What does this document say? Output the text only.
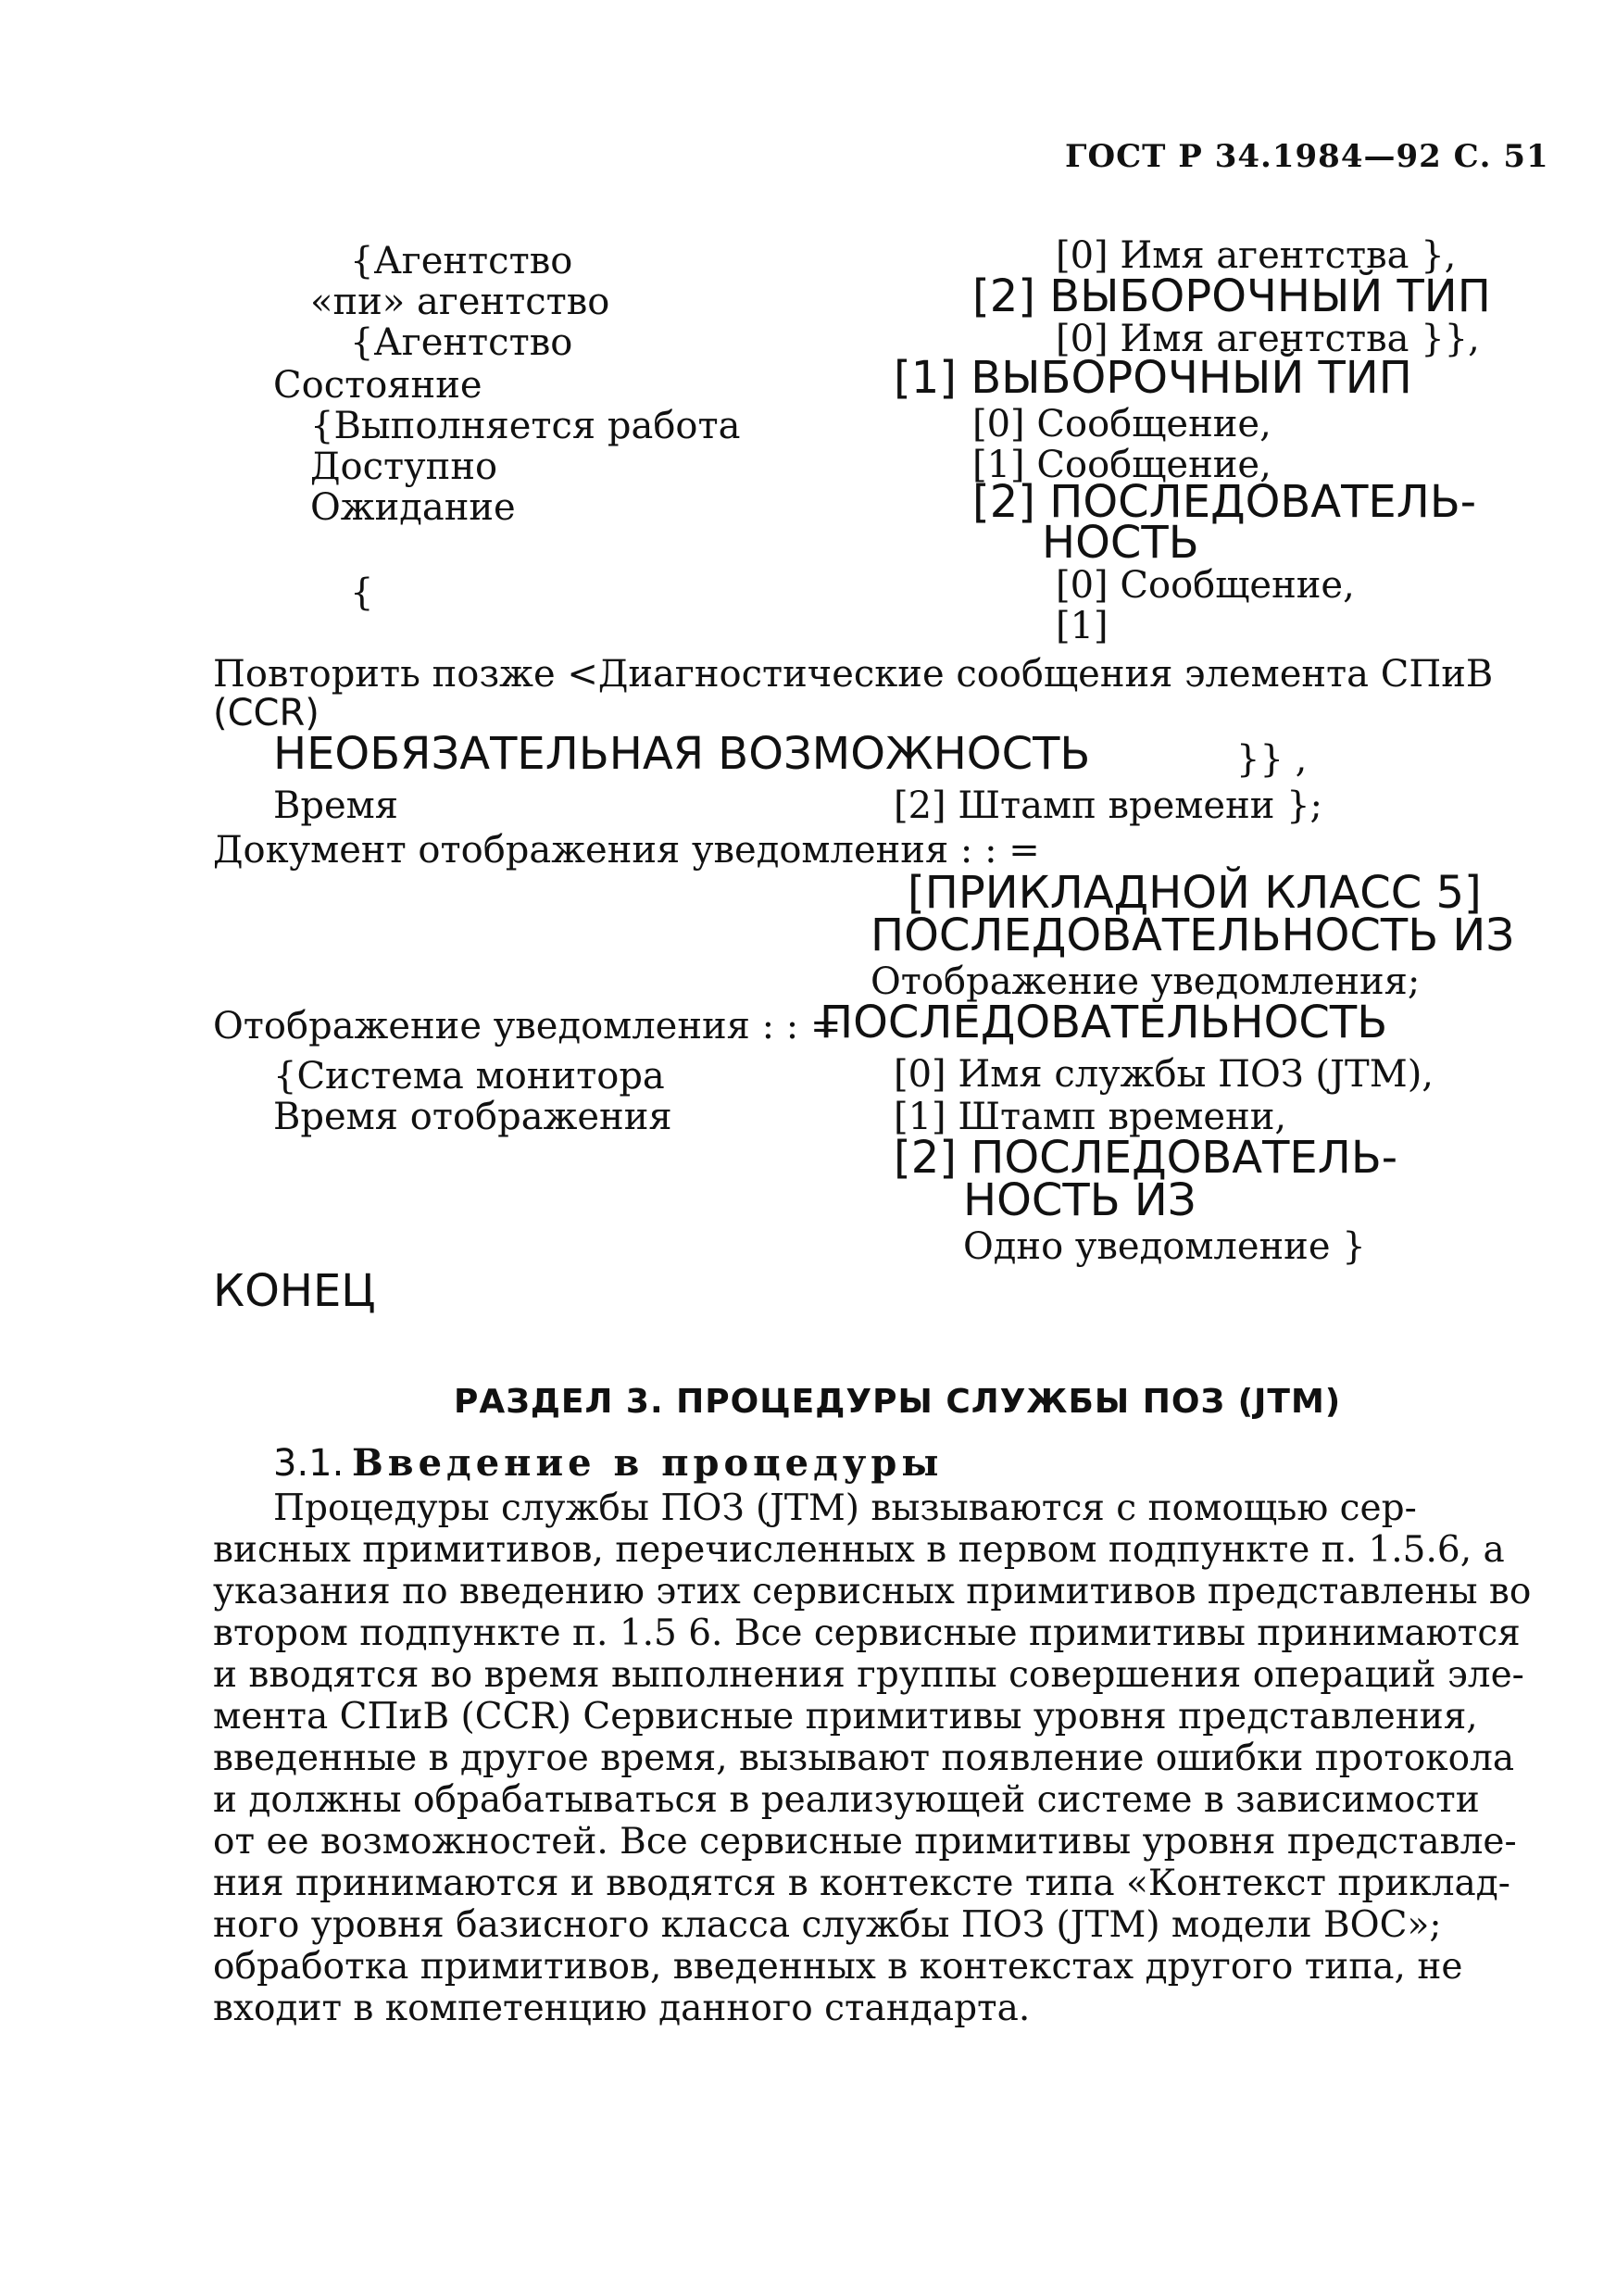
ГОСТ Р 34.1984—92 С. 51
{Агентство	[0] Имя агентства },
«пи» агентство	[2] ВЫБОРОЧНЫЙ ТИП
{Агентство	[0] Имя агентства }},
Состояние	[1] ВЫБОРОЧНЫЙ ТИП
{Выполняется работа	[0] Сообщение,
Доступно	[1] Сообщение,
Ожидание	[2] ПОСЛЕДОВАТЕЛЬ-
НОСТЬ
{	[0] Сообщение,
[1]
Повторить позже <Диагностические сообщения элемента СПиВ
(CCR)
НЕОБЯЗАТЕЛЬНАЯ ВОЗМОЖНОСТЬ	}} ,
Время	[2] Штамп времени };
Документ отображения уведомления : : =
[ПРИКЛАДНОЙ КЛАСС 5]
ПОСЛЕДОВАТЕЛЬНОСТЬ ИЗ
Отображение уведомления;
Отображение уведомления : : =
ПОСЛЕДОВАТЕЛЬНОСТЬ
{Система монитора	[0] Имя службы ПОЗ (JTM),
Время отображения	[1] Штамп времени,
[2] ПОСЛЕДОВАТЕЛЬ-
НОСТЬ ИЗ
Одно уведомление }
КОНЕЦ
РАЗДЕЛ 3. ПРОЦЕДУРЫ СЛУЖБЫ ПОЗ (JTM)
3.1. Введение в процедуры
Процедуры службы ПОЗ (JTM) вызываются с помощью сер-
висных примитивов, перечисленных в первом подпункте п. 1.5.6, а
указания по введению этих сервисных примитивов представлены во
втором подпункте п. 1.5 6. Все сервисные примитивы принимаются
и вводятся во время выполнения группы совершения операций эле-
мента СПиВ (CCR) Сервисные примитивы уровня представления,
введенные в другое время, вызывают появление ошибки протокола
и должны обрабатываться в реализующей системе в зависимости
от ее возможностей. Все сервисные примитивы уровня представле-
ния принимаются и вводятся в контексте типа «Контекст приклад-
ного уровня базисного класса службы ПОЗ (JTM) модели ВОС»;
обработка примитивов, введенных в контекстах другого типа, не
входит в компетенцию данного стандарта.
